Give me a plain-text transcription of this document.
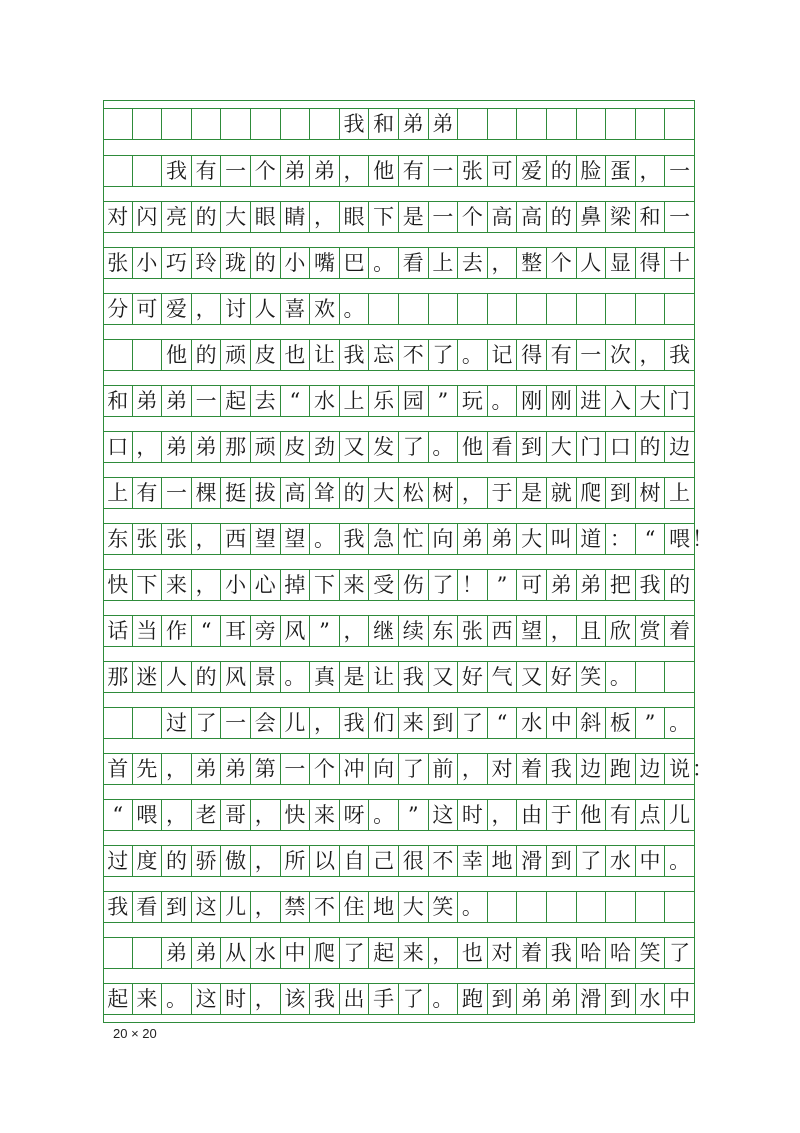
我 和 弟 弟
我 有 一 个 弟 弟 ， 他 有 一 张 可 爱 的 脸 蛋 ， 一
对 闪 亮 的 大 眼 睛 ， 眼 下 是 一 个 高 高 的 鼻 梁 和 一
张 小 巧 玲 珑 的 小 嘴 巴 。 看 上 去 ， 整 个 人 显 得 十
分 可 爱 ， 讨 人 喜 欢 。
他 的 顽 皮 也 让 我 忘 不 了 。 记 得 有 一 次 ， 我
和 弟 弟 一 起 去 “ 水 上 乐 园 ” 玩 。 刚 刚 进 入 大 门
口 ， 弟 弟 那 顽 皮 劲 又 发 了 。 他 看 到 大 门 口 的 边
上 有 一 棵 挺 拔 高 耸 的 大 松 树 ， 于 是 就 爬 到 树 上
东 张 张 ， 西 望 望 。 我 急 忙 向 弟 弟 大 叫 道 ： “ 喂 ！
快 下 来 ， 小 心 掉 下 来 受 伤 了 ！ ” 可 弟 弟 把 我 的
话 当 作 “ 耳 旁 风 ” ， 继 续 东 张 西 望 ， 且 欣 赏 着
那 迷 人 的 风 景 。 真 是 让 我 又 好 气 又 好 笑 。
过 了 一 会 儿 ， 我 们 来 到 了 “ 水 中 斜 板 ” 。
首 先 ， 弟 弟 第 一 个 冲 向 了 前 ， 对 着 我 边 跑 边 说 ：
“ 喂 ， 老 哥 ， 快 来 呀 。 ” 这 时 ， 由 于 他 有 点 儿
过 度 的 骄 傲 ， 所 以 自 己 很 不 幸 地 滑 到 了 水 中 。
我 看 到 这 儿 ， 禁 不 住 地 大 笑 。
弟 弟 从 水 中 爬 了 起 来 ， 也 对 着 我 哈 哈 笑 了
起 来 。 这 时 ， 该 我 出 手 了 。 跑 到 弟 弟 滑 到 水 中
20 × 20
